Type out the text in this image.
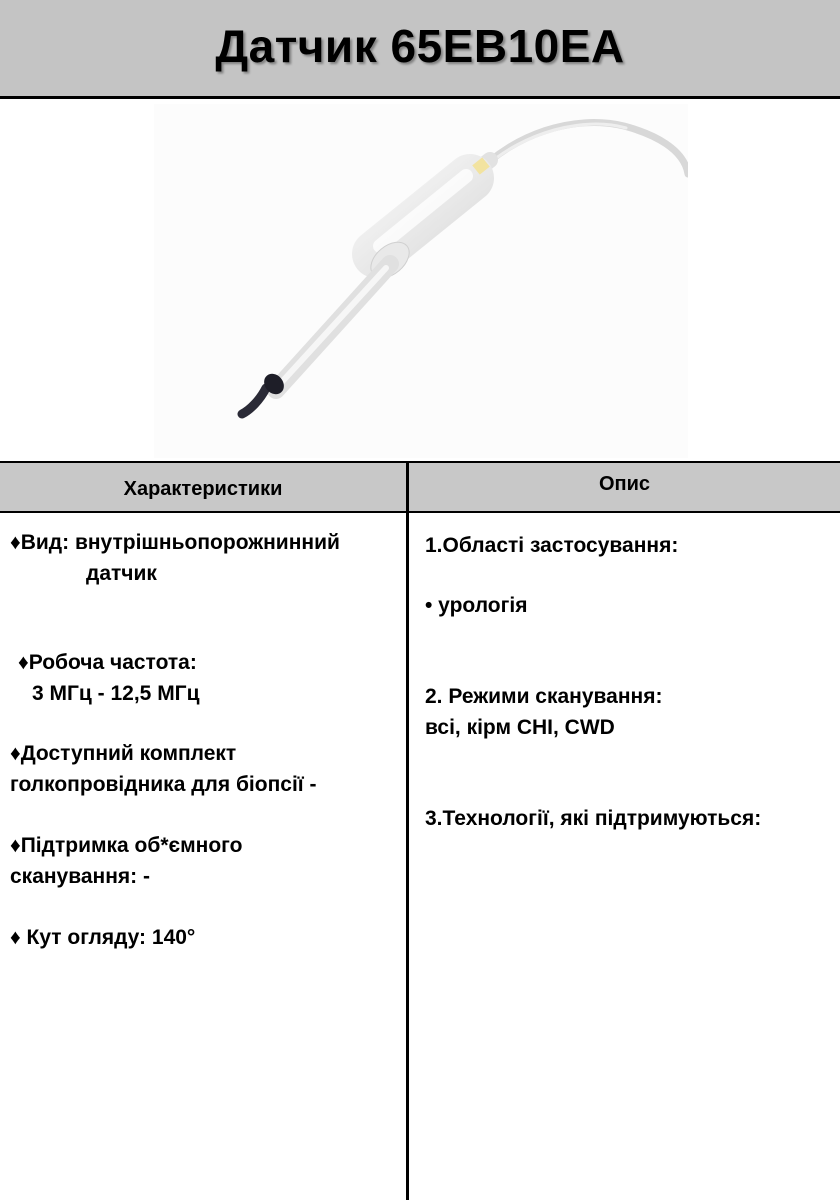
Датчик 65EB10EA
Характеристики	Опис
♦Вид: внутрішньопорожнинний
датчик
♦Робоча частота:
3 МГц - 12,5 МГц
♦Доступний комплект
голкопровідника для біопсії -
♦Підтримка об*ємного
сканування: -
♦ Кут огляду: 140°
1.Області застосування:
• урологія
2. Режими сканування:
всі, кірм CHI, CWD
3.Технології, які підтримуються:
